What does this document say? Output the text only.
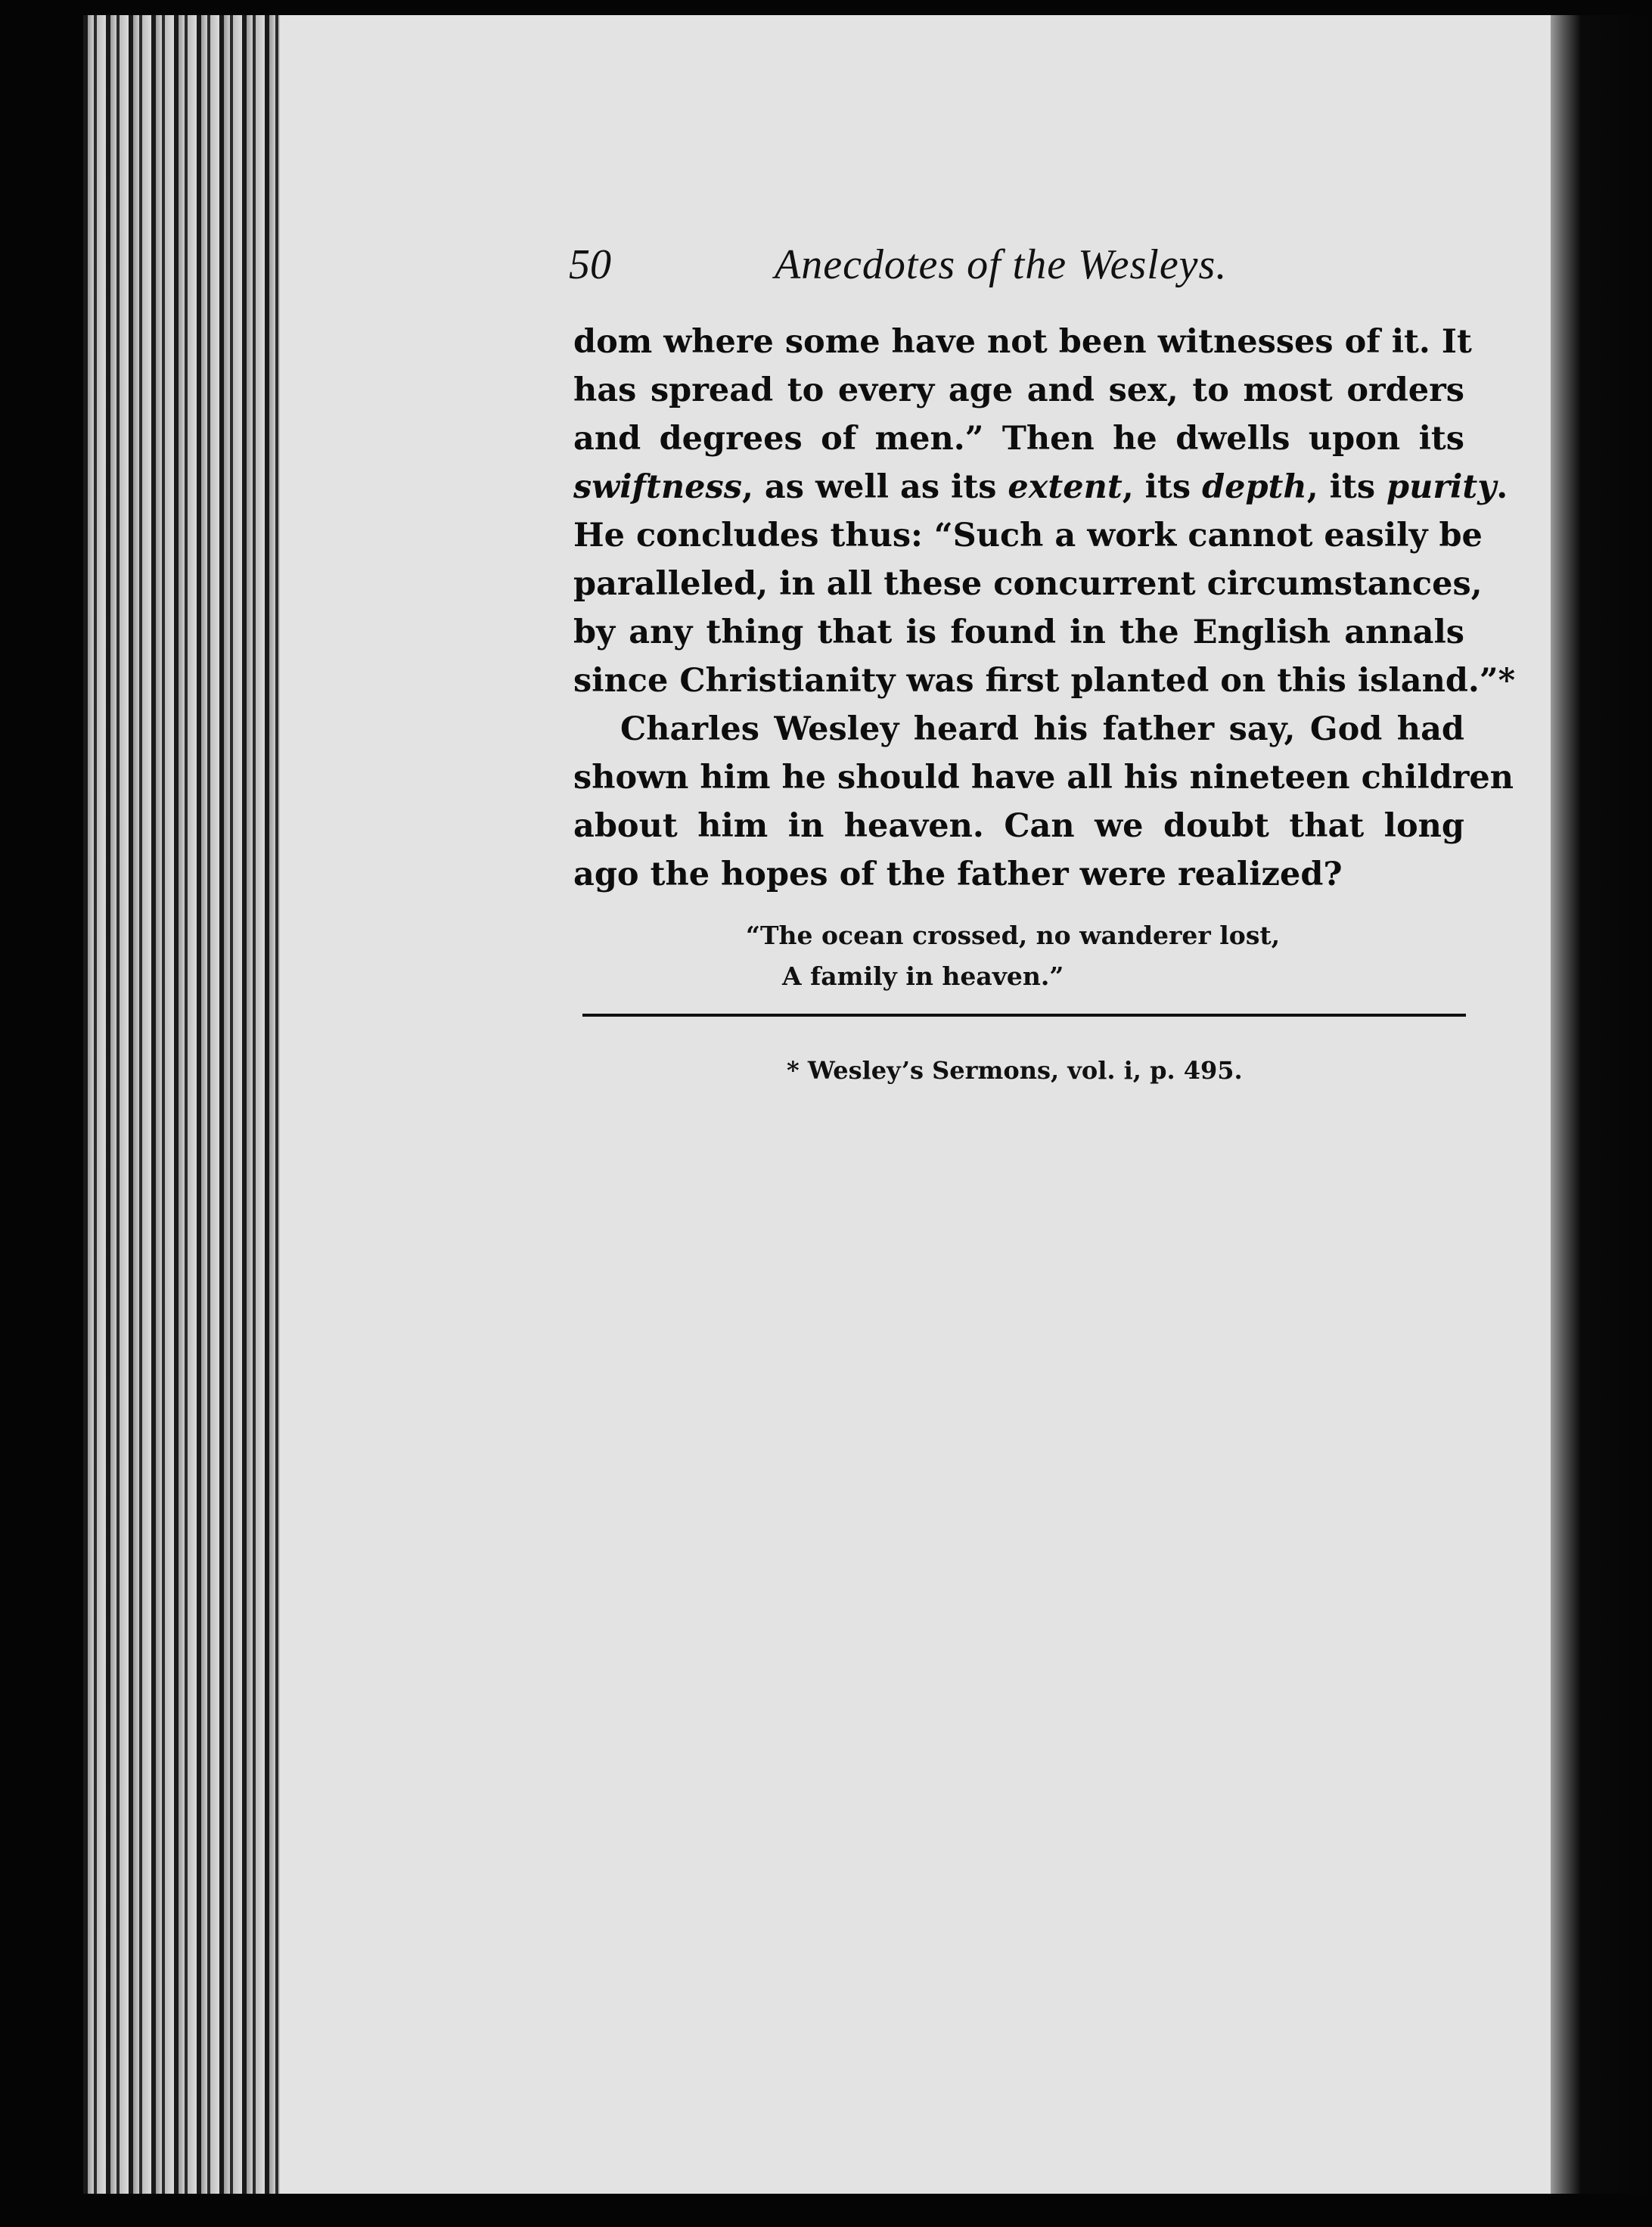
50	Anecdotes of the Wesleys.
dom where some have not been witnesses of it. It
has spread to every age and sex, to most orders
and degrees of men.” Then he dwells upon its
swiftness, as well as its extent, its depth, its purity.
He concludes thus: “Such a work cannot easily be
paralleled, in all these concurrent circumstances,
by any thing that is found in the English annals
since Christianity was first planted on this island.”*
Charles Wesley heard his father say, God had
shown him he should have all his nineteen children
about him in heaven. Can we doubt that long
ago the hopes of the father were realized?
“The ocean crossed, no wanderer lost,
A family in heaven.”
* Wesley’s Sermons, vol. i, p. 495.
